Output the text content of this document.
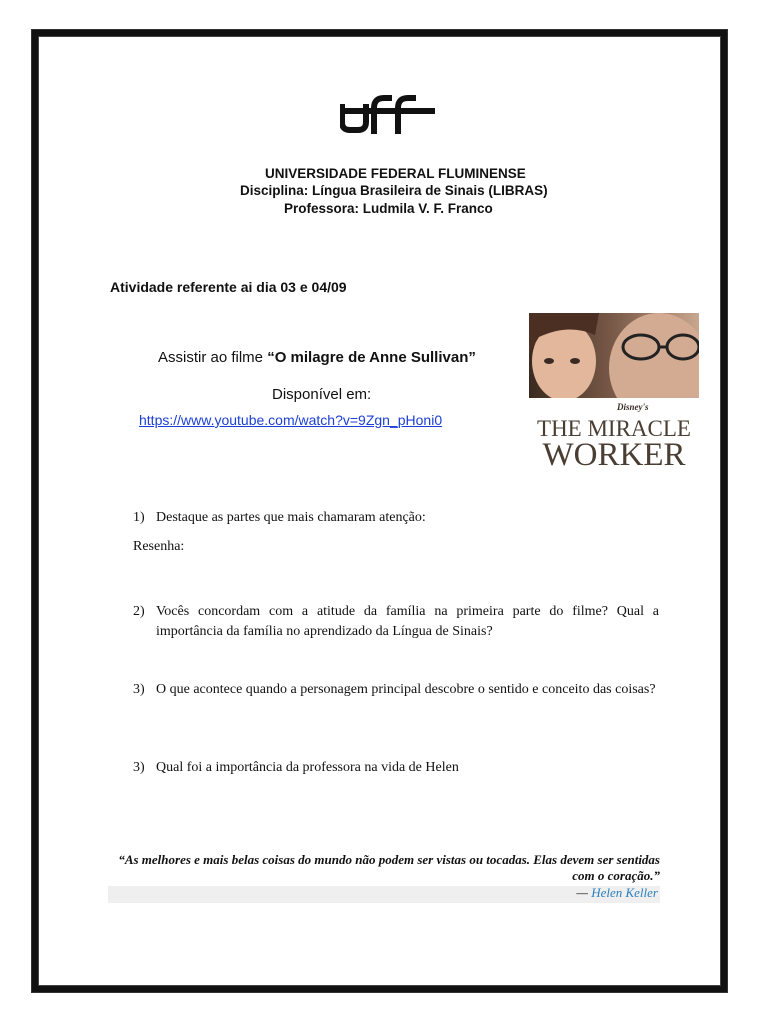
UNIVERSIDADE FEDERAL FLUMINENSE
Disciplina: Língua Brasileira de Sinais (LIBRAS)
Professora: Ludmila V. F. Franco
Atividade referente ai dia 03 e 04/09
Assistir ao filme “O milagre de Anne Sullivan”
Disponível em:
https://www.youtube.com/watch?v=9Zgn_pHoni0
Disney's
THE MIRACLE
WORKER
1) Destaque as partes que mais chamaram atenção:
Resenha:
2) Vocês concordam com a atitude da família na primeira parte do filme? Qual a importância da família no aprendizado da Língua de Sinais?
3) O que acontece quando a personagem principal descobre o sentido e conceito das coisas?
3) Qual foi a importância da professora na vida de Helen
“As melhores e mais belas coisas do mundo não podem ser vistas ou tocadas. Elas devem ser sentidas com o coração.”
— Helen Keller
